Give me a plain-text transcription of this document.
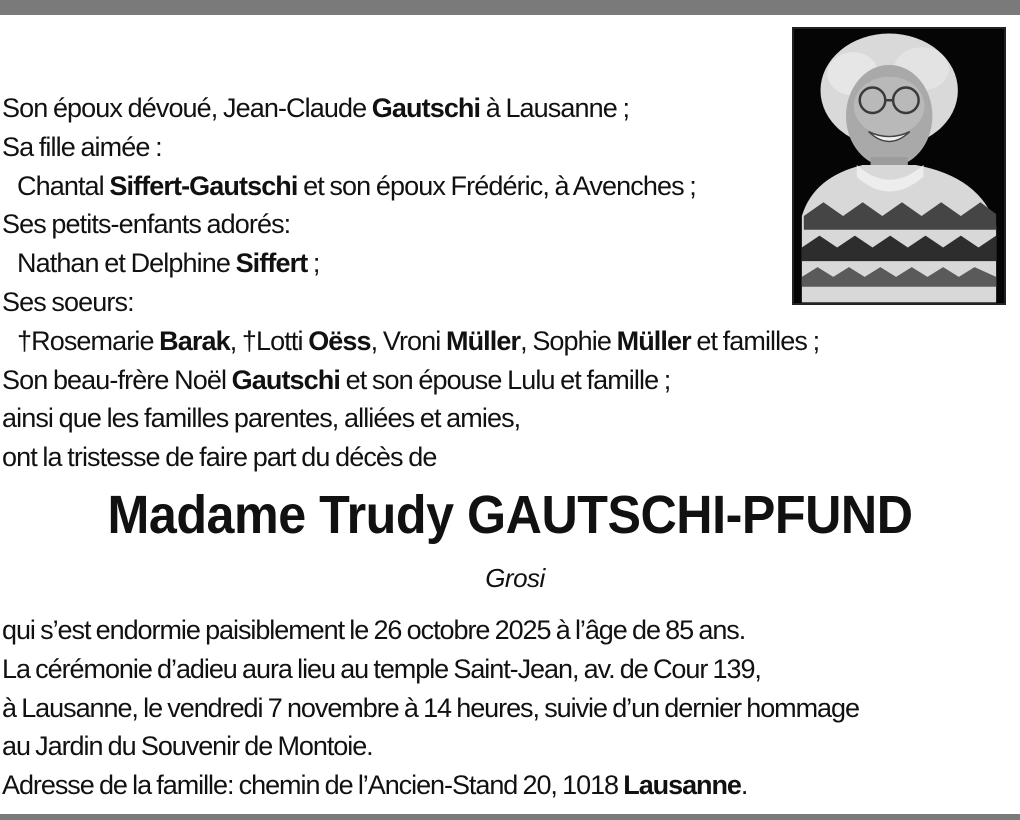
Son époux dévoué, Jean-Claude Gautschi à Lausanne ;
Sa fille aimée :
Chantal Siffert-Gautschi et son époux Frédéric, à Avenches ;
Ses petits-enfants adorés:
Nathan et Delphine Siffert ;
Ses soeurs:
†Rosemarie Barak, †Lotti Oëss, Vroni Müller, Sophie Müller et familles ;
Son beau-frère Noël Gautschi et son épouse Lulu et famille ;
ainsi que les familles parentes, alliées et amies,
ont la tristesse de faire part du décès de
Madame Trudy GAUTSCHI-PFUND
Grosi
qui s’est endormie paisiblement le 26 octobre 2025 à l’âge de 85 ans.
La cérémonie d’adieu aura lieu au temple Saint-Jean, av. de Cour 139,
à Lausanne, le vendredi 7 novembre à 14 heures, suivie d’un dernier hommage
au Jardin du Souvenir de Montoie.
Adresse de la famille: chemin de l’Ancien-Stand 20, 1018 Lausanne.
